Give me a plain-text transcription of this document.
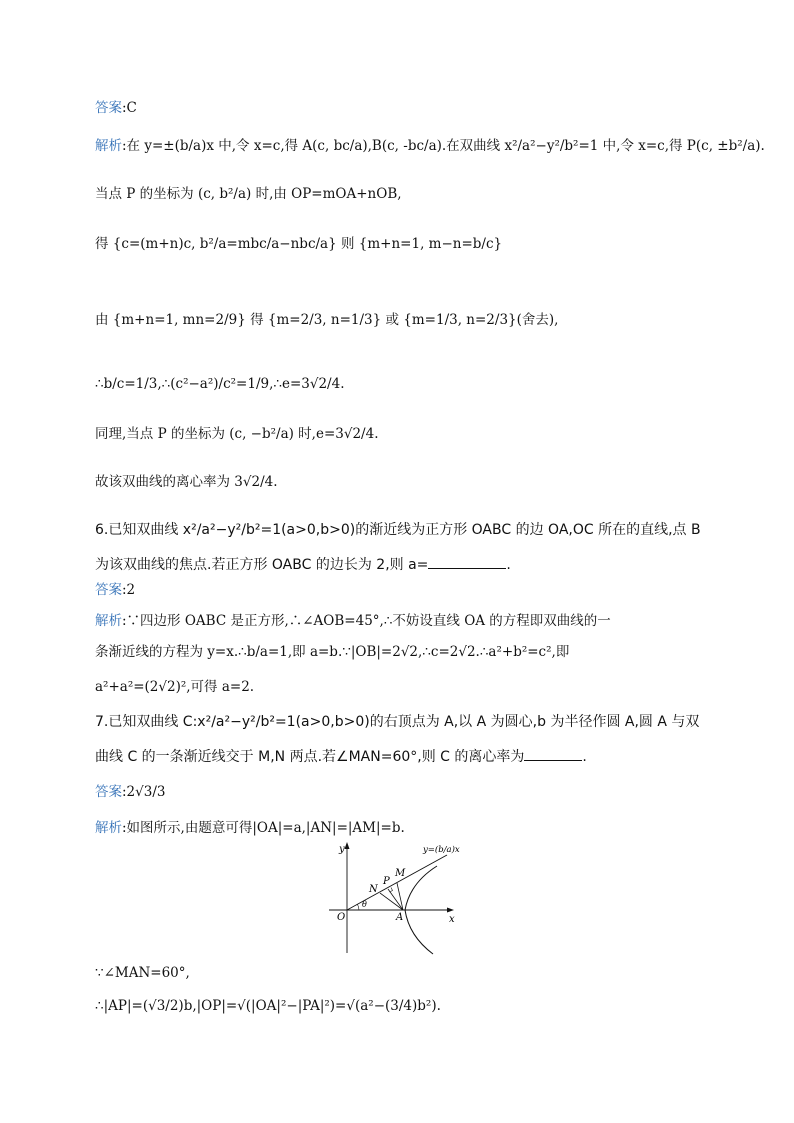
答案:C
解析:在 y=±(b/a)x 中,令 x=c,得 A(c, bc/a),B(c, -bc/a).在双曲线 x²/a²−y²/b²=1 中,令 x=c,得 P(c, ±b²/a).
当点 P 的坐标为 (c, b²/a) 时,由 OP=mOA+nOB,
得 {c=(m+n)c, b²/a=mbc/a−nbc/a} 则 {m+n=1, m−n=b/c}
由 {m+n=1, mn=2/9} 得 {m=2/3, n=1/3} 或 {m=1/3, n=2/3}(舍去),
∴b/c=1/3,∴(c²−a²)/c²=1/9,∴e=3√2/4.
同理,当点 P 的坐标为 (c, −b²/a) 时,e=3√2/4.
故该双曲线的离心率为 3√2/4.
6.已知双曲线 x²/a²−y²/b²=1(a>0,b>0)的渐近线为正方形 OABC 的边 OA,OC 所在的直线,点 B
为该双曲线的焦点.若正方形 OABC 的边长为 2,则 a=	.
答案:2
解析:∵四边形 OABC 是正方形,∴∠AOB=45°,∴不妨设直线 OA 的方程即双曲线的一
条渐近线的方程为 y=x.∴b/a=1,即 a=b.∵|OB|=2√2,∴c=2√2.∴a²+b²=c²,即
a²+a²=(2√2)²,可得 a=2.
7.已知双曲线 C:x²/a²−y²/b²=1(a>0,b>0)的右顶点为 A,以 A 为圆心,b 为半径作圆 A,圆 A 与双
曲线 C 的一条渐近线交于 M,N 两点.若∠MAN=60°,则 C 的离心率为	.
答案:2√3/3
解析:如图所示,由题意可得|OA|=a,|AN|=|AM|=b.
y
x
O	A
N
P
M
θ
y=(b/a)x
∵∠MAN=60°,
∴|AP|=(√3/2)b,|OP|=√(|OA|²−|PA|²)=√(a²−(3/4)b²).
